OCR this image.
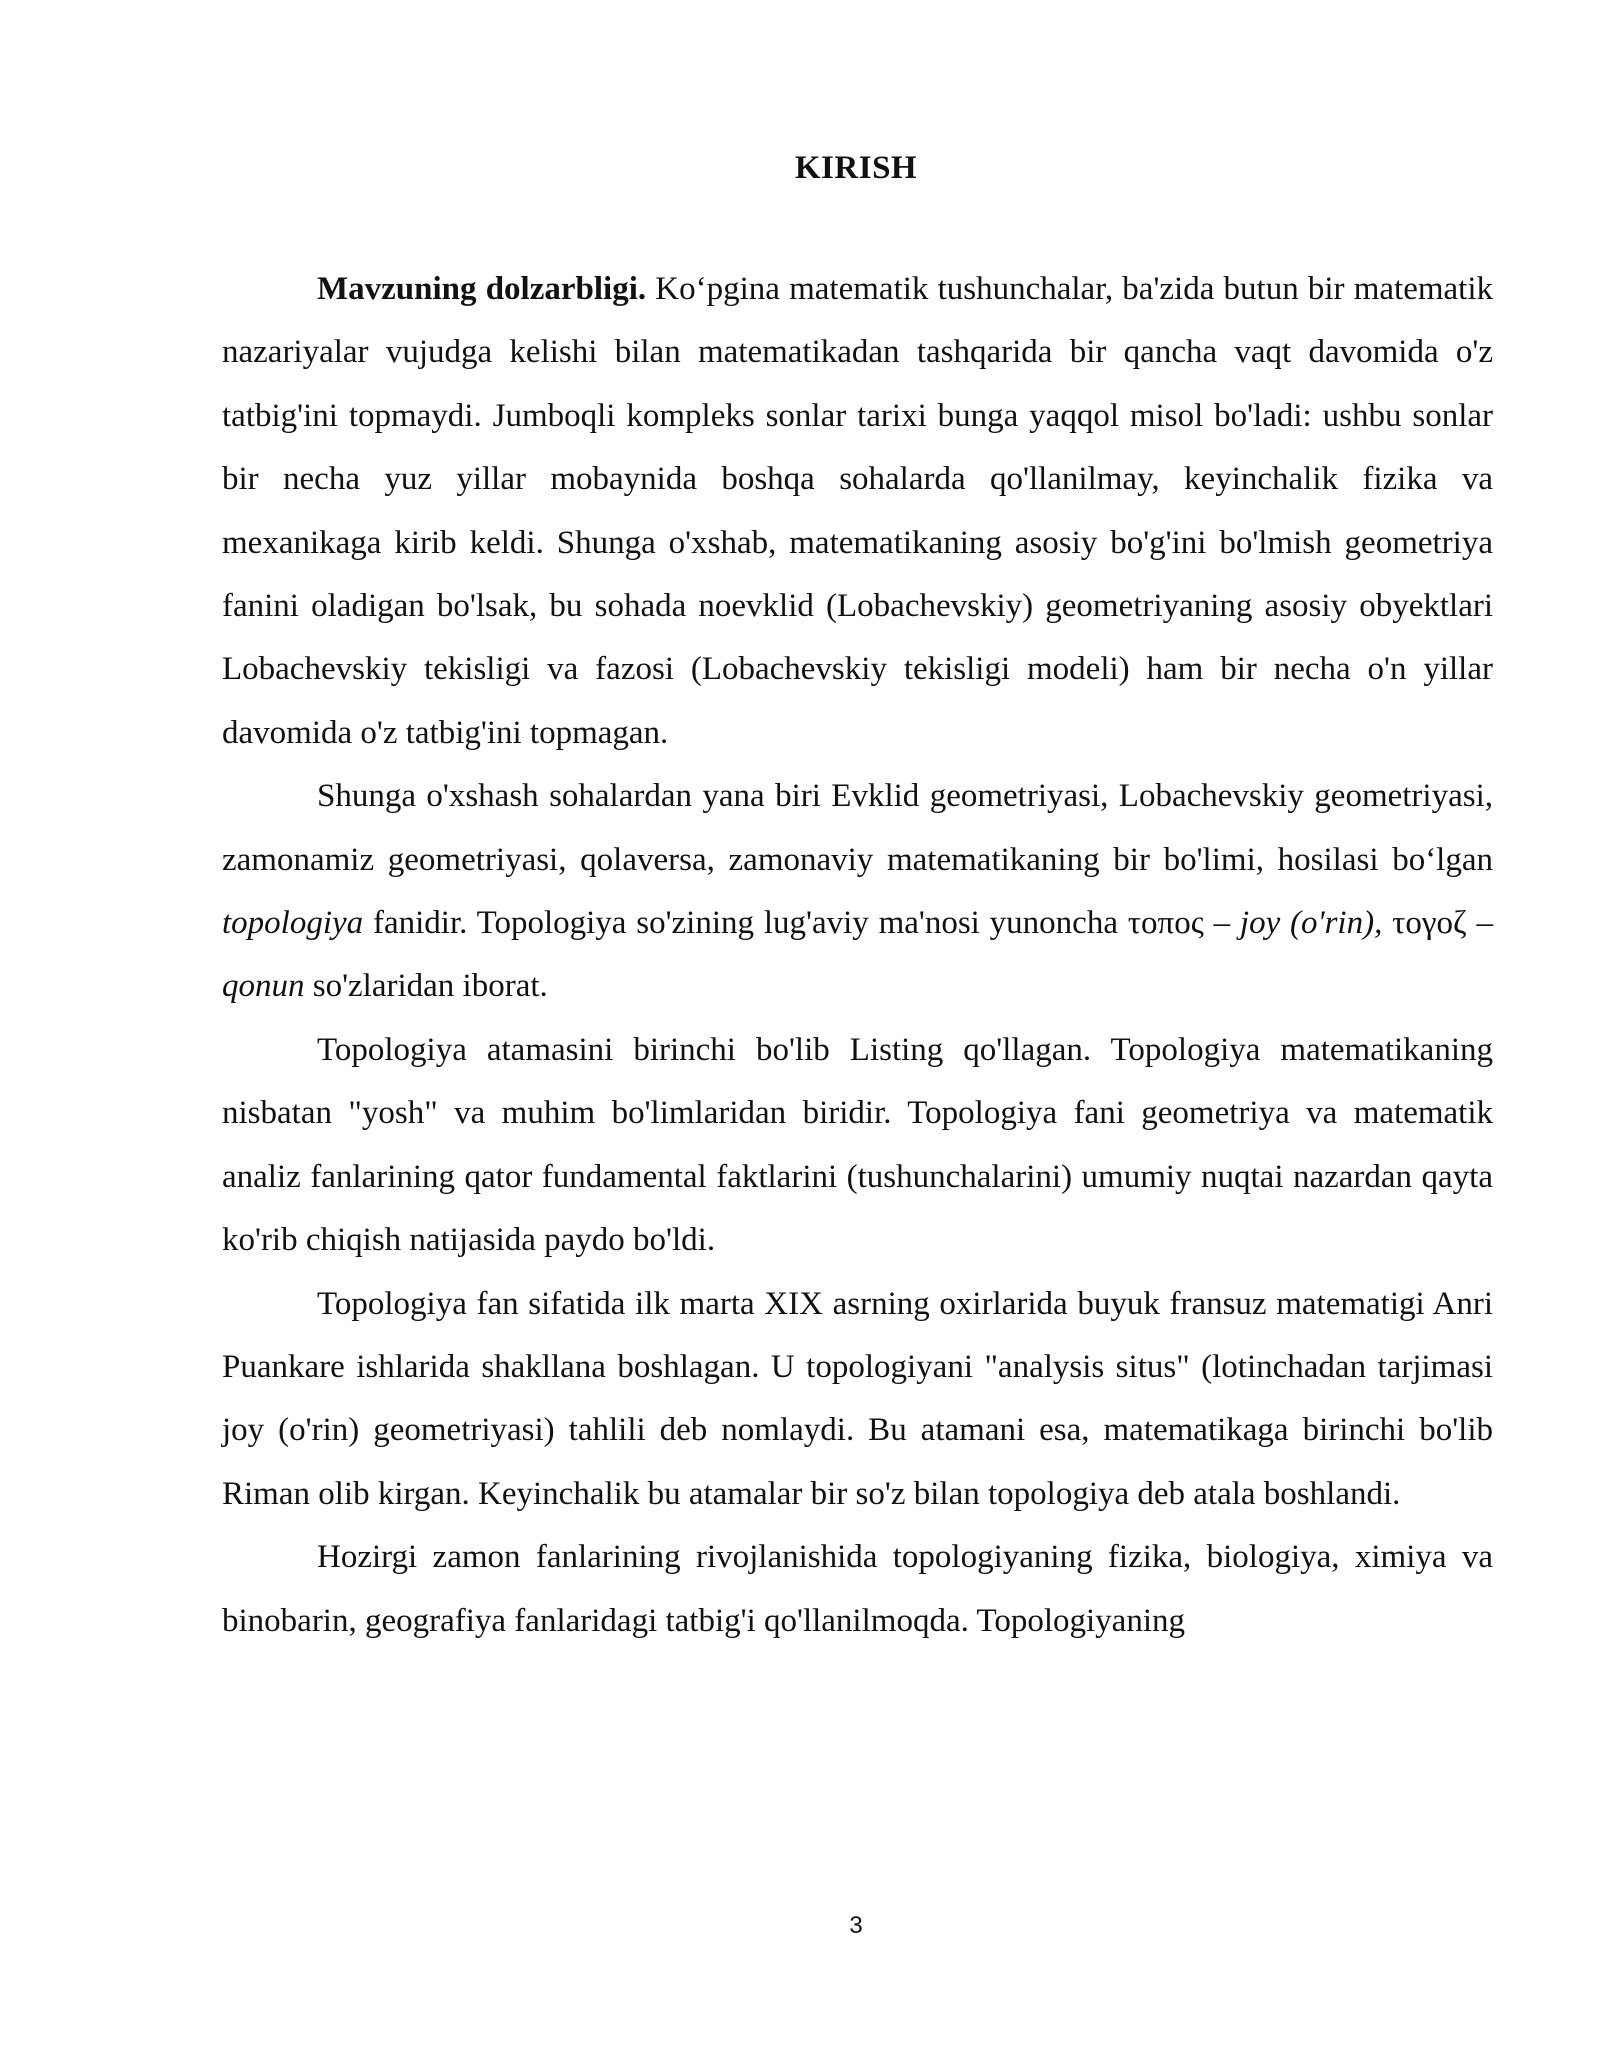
KIRISH

Mavzuning dolzarbligi. Ko‘pgina matematik tushunchalar, ba'zida butun bir matematik nazariyalar vujudga kelishi bilan matematikadan tashqarida bir qancha vaqt davomida o'z tatbig'ini topmaydi. Jumboqli kompleks sonlar tarixi bunga yaqqol misol bo'ladi: ushbu sonlar bir necha yuz yillar mobaynida boshqa sohalarda qo'llanilmay, keyinchalik fizika va mexanikaga kirib keldi. Shunga o'xshab, matematikaning asosiy bo'g'ini bo'lmish geometriya fanini oladigan bo'lsak, bu sohada noevklid (Lobachevskiy) geometriyaning asosiy obyektlari Lobachevskiy tekisligi va fazosi (Lobachevskiy tekisligi modeli) ham bir necha o'n yillar davomida o'z tatbig'ini topmagan.

Shunga o'xshash sohalardan yana biri Evklid geometriyasi, Lobachevskiy geometriyasi, zamonamiz geometriyasi, qolaversa, zamonaviy matematikaning bir bo'limi, hosilasi bo‘lgan topologiya fanidir. Topologiya so'zining lug'aviy ma'nosi yunoncha τοπος – joy (o'rin), τογοζ – qonun so'zlaridan iborat.

Topologiya atamasini birinchi bo'lib Listing qo'llagan. Topologiya matematikaning nisbatan "yosh" va muhim bo'limlaridan biridir. Topologiya fani geometriya va matematik analiz fanlarining qator fundamental faktlarini (tushunchalarini) umumiy nuqtai nazardan qayta ko'rib chiqish natijasida paydo bo'ldi.

Topologiya fan sifatida ilk marta XIX asrning oxirlarida buyuk fransuz matematigi Anri Puankare ishlarida shakllana boshlagan. U topologiyani "analysis situs" (lotinchadan tarjimasi joy (o'rin) geometriyasi) tahlili deb nomlaydi. Bu atamani esa, matematikaga birinchi bo'lib Riman olib kirgan. Keyinchalik bu atamalar bir so'z bilan topologiya deb atala boshlandi.

Hozirgi zamon fanlarining rivojlanishida topologiyaning fizika, biologiya, ximiya va binobarin, geografiya fanlaridagi tatbig'i qo'llanilmoqda. Topologiyaning

3
